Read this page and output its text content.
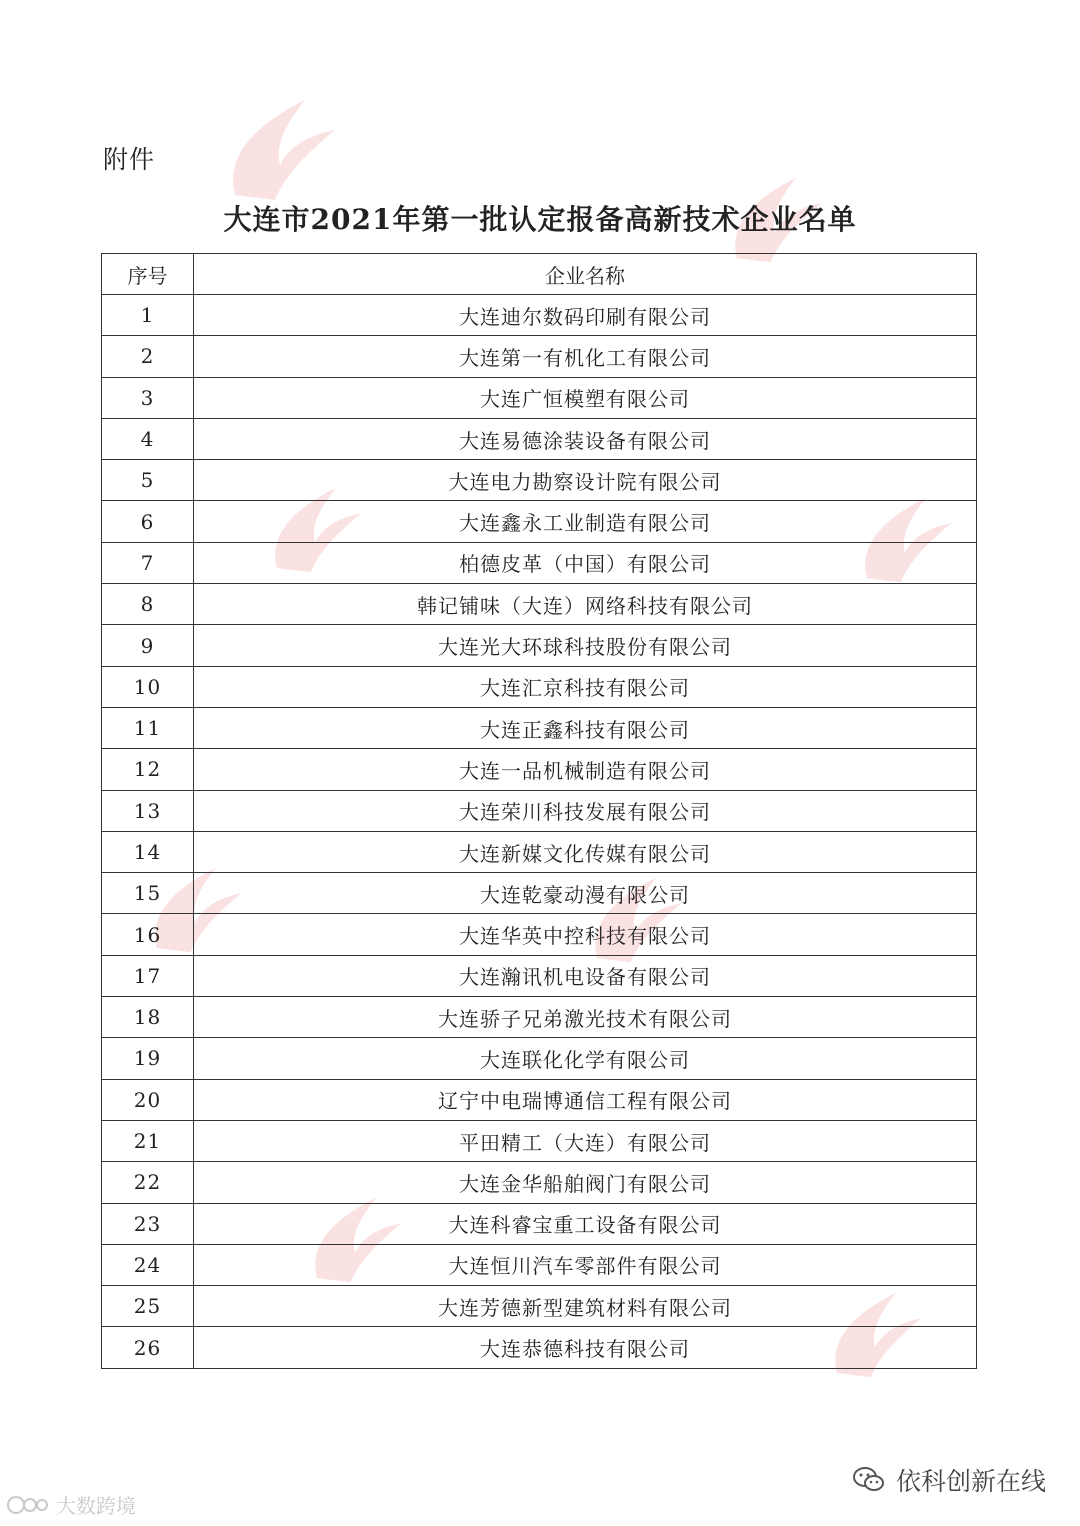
附件
大连市2021年第一批认定报备高新技术企业名单
序号	企业名称
1	大连迪尔数码印刷有限公司
2	大连第一有机化工有限公司
3	大连广恒模塑有限公司
4	大连易德涂装设备有限公司
5	大连电力勘察设计院有限公司
6	大连鑫永工业制造有限公司
7	柏德皮革（中国）有限公司
8	韩记铺味（大连）网络科技有限公司
9	大连光大环球科技股份有限公司
10	大连汇京科技有限公司
11	大连正鑫科技有限公司
12	大连一品机械制造有限公司
13	大连荣川科技发展有限公司
14	大连新媒文化传媒有限公司
15	大连乾豪动漫有限公司
16	大连华英中控科技有限公司
17	大连瀚讯机电设备有限公司
18	大连骄子兄弟激光技术有限公司
19	大连联化化学有限公司
20	辽宁中电瑞博通信工程有限公司
21	平田精工（大连）有限公司
22	大连金华船舶阀门有限公司
23	大连科睿宝重工设备有限公司
24	大连恒川汽车零部件有限公司
25	大连芳德新型建筑材料有限公司
26	大连恭德科技有限公司
大数跨境
依科创新在线
